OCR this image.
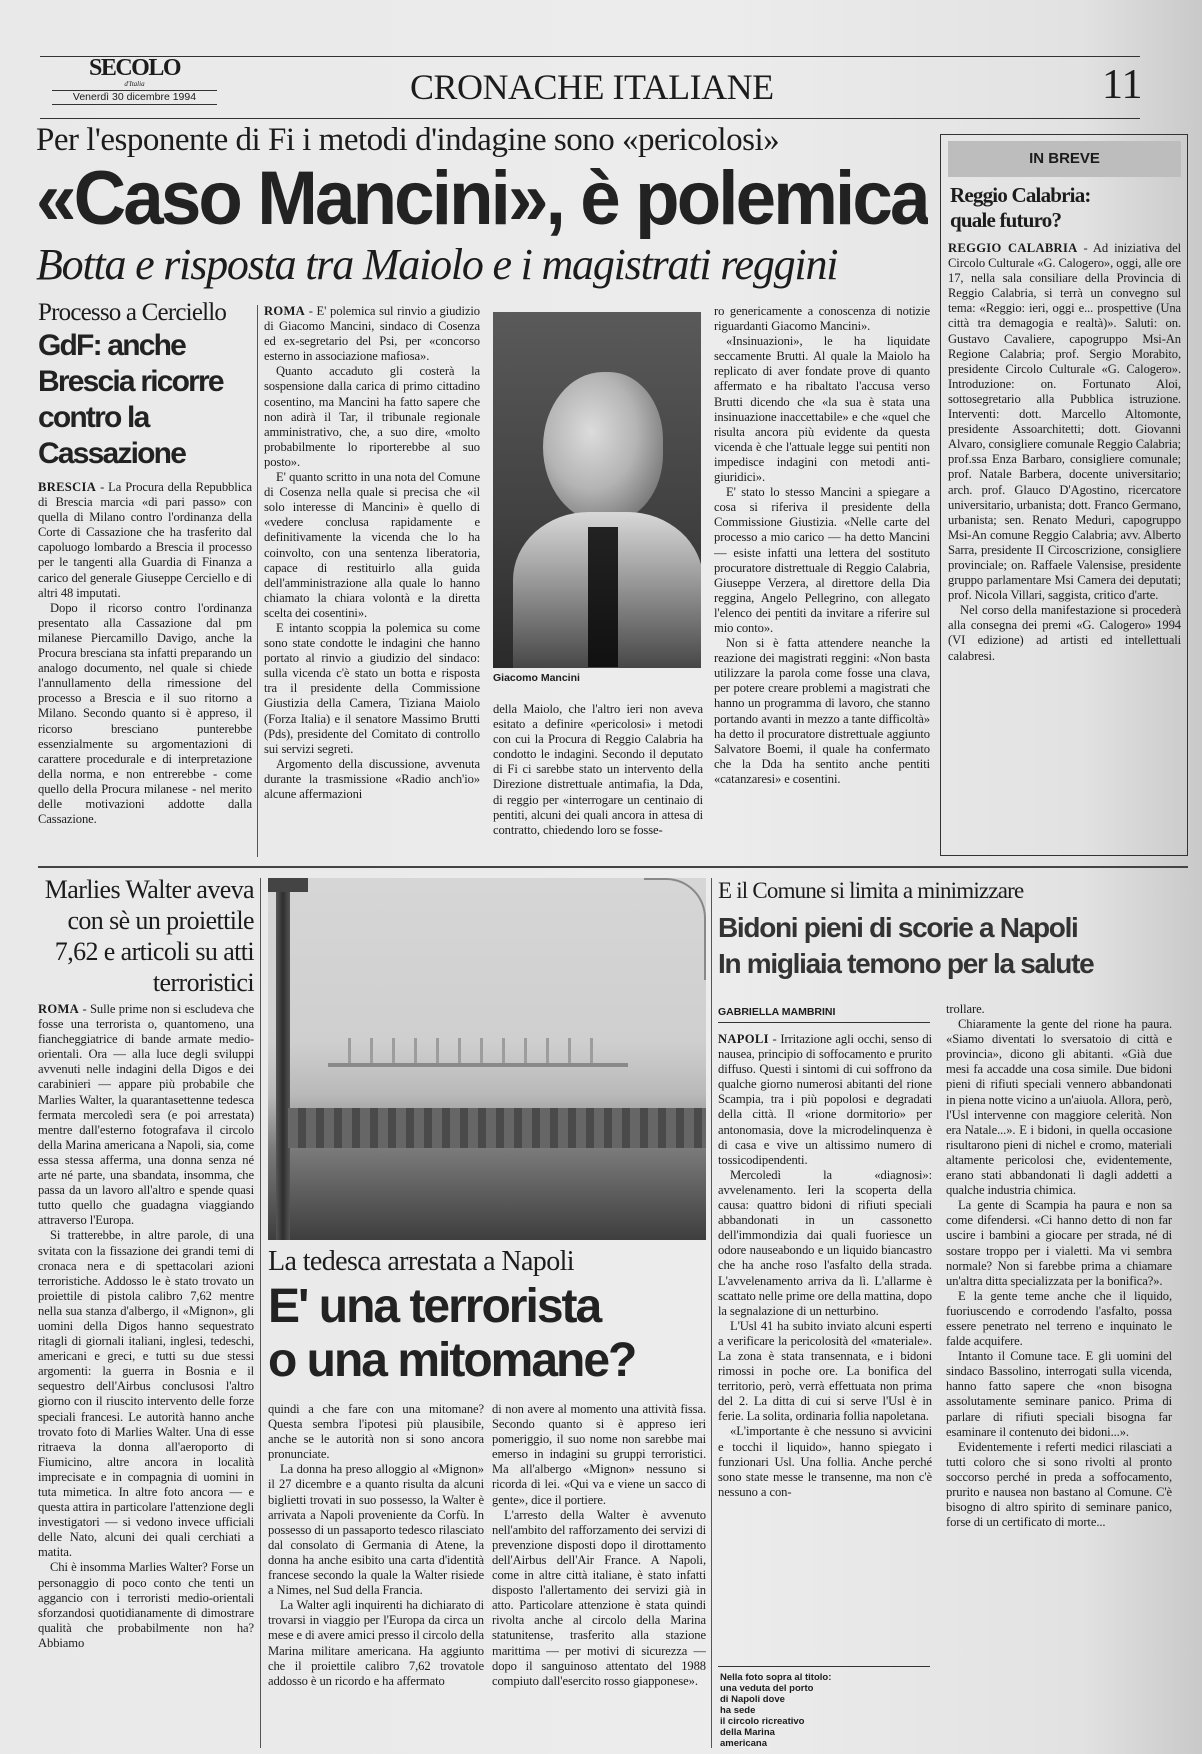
SECOLO
d'Italia
Venerdì 30 dicembre 1994	CRONACHE ITALIANE	11
Per l'esponente di Fi i metodi d'indagine sono «pericolosi»
«Caso Mancini», è polemica
Botta e risposta tra Maiolo e i magistrati reggini
Processo a Cerciello
GdF: anche Brescia ricorre contro la Cassazione

BRESCIA - La Procura della Repubblica di Brescia marcia «di pari passo» con quella di Milano contro l'ordinanza della Corte di Cassazione che ha trasferito dal capoluogo lombardo a Brescia il processo per le tangenti alla Guardia di Finanza a carico del generale Giuseppe Cerciello e di altri 48 imputati.

Dopo il ricorso contro l'ordinanza presentato alla Cassazione dal pm milanese Piercamillo Davigo, anche la Procura bresciana sta infatti preparando un analogo documento, nel quale si chiede l'annullamento della rimessione del processo a Brescia e il suo ritorno a Milano. Secondo quanto si è appreso, il ricorso bresciano punterebbe essenzialmente su argomentazioni di carattere procedurale e di interpretazione della norma, e non entrerebbe - come quello della Procura milanese - nel merito delle motivazioni addotte dalla Cassazione.

ROMA - E' polemica sul rinvio a giudizio di Giacomo Mancini, sindaco di Cosenza ed ex-segretario del Psi, per «concorso esterno in associazione mafiosa».

Quanto accaduto gli costerà la sospensione dalla carica di primo cittadino cosentino, ma Mancini ha fatto sapere che non adirà il Tar, il tribunale regionale amministrativo, che, a suo dire, «molto probabilmente lo riporterebbe al suo posto».

E' quanto scritto in una nota del Comune di Cosenza nella quale si precisa che «il solo interesse di Mancini» è quello di «vedere conclusa rapidamente e definitivamente la vicenda che lo ha coinvolto, con una sentenza liberatoria, capace di restituirlo alla guida dell'amministrazione alla quale lo hanno chiamato la chiara volontà e la diretta scelta dei cosentini».

E intanto scoppia la polemica su come sono state condotte le indagini che hanno portato al rinvio a giudizio del sindaco: sulla vicenda c'è stato un botta e risposta tra il presidente della Commissione Giustizia della Camera, Tiziana Maiolo (Forza Italia) e il senatore Massimo Brutti (Pds), presidente del Comitato di controllo sui servizi segreti.

Argomento della discussione, avvenuta durante la trasmissione «Radio anch'io» alcune affermazioni

Giacomo Mancini

della Maiolo, che l'altro ieri non aveva esitato a definire «pericolosi» i metodi con cui la Procura di Reggio Calabria ha condotto le indagini. Secondo il deputato di Fi ci sarebbe stato un intervento della Direzione distrettuale antimafia, la Dda, di reggio per «interrogare un centinaio di pentiti, alcuni dei quali ancora in attesa di contratto, chiedendo loro se fosse-

ro genericamente a conoscenza di notizie riguardanti Giacomo Mancini».

«Insinuazioni», le ha liquidate seccamente Brutti. Al quale la Maiolo ha replicato di aver fondate prove di quanto affermato e ha ribaltato l'accusa verso Brutti dicendo che «la sua è stata una insinuazione inaccettabile» e che «quel che risulta ancora più evidente da questa vicenda è che l'attuale legge sui pentiti non impedisce indagini con metodi anti-giuridici».

E' stato lo stesso Mancini a spiegare a cosa si riferiva il presidente della Commissione Giustizia. «Nelle carte del processo a mio carico — ha detto Mancini — esiste infatti una lettera del sostituto procuratore distrettuale di Reggio Calabria, Giuseppe Verzera, al direttore della Dia reggina, Angelo Pellegrino, con allegato l'elenco dei pentiti da invitare a riferire sul mio conto».

Non si è fatta attendere neanche la reazione dei magistrati reggini: «Non basta utilizzare la parola come fosse una clava, per potere creare problemi a magistrati che hanno un programma di lavoro, che stanno portando avanti in mezzo a tante difficoltà» ha detto il procuratore distrettuale aggiunto Salvatore Boemi, il quale ha confermato che la Dda ha sentito anche pentiti «catanzaresi» e cosentini.

IN BREVE
Reggio Calabria: quale futuro?

REGGIO CALABRIA - Ad iniziativa del Circolo Culturale «G. Calogero», oggi, alle ore 17, nella sala consiliare della Provincia di Reggio Calabria, si terrà un convegno sul tema: «Reggio: ieri, oggi e... prospettive (Una città tra demagogia e realtà)». Saluti: on. Gustavo Cavaliere, capogruppo Msi-An Regione Calabria; prof. Sergio Morabito, presidente Circolo Culturale «G. Calogero». Introduzione: on. Fortunato Aloi, sottosegretario alla Pubblica istruzione. Interventi: dott. Marcello Altomonte, presidente Assoarchitetti; dott. Giovanni Alvaro, consigliere comunale Reggio Calabria; prof.ssa Enza Barbaro, consigliere comunale; prof. Natale Barbera, docente universitario; arch. prof. Glauco D'Agostino, ricercatore universitario, urbanista; dott. Franco Germano, urbanista; sen. Renato Meduri, capogruppo Msi-An comune Reggio Calabria; avv. Alberto Sarra, presidente II Circoscrizione, consigliere provinciale; on. Raffaele Valensise, presidente gruppo parlamentare Msi Camera dei deputati; prof. Nicola Villari, saggista, critico d'arte.

Nel corso della manifestazione si procederà alla consegna dei premi «G. Calogero» 1994 (VI edizione) ad artisti ed intellettuali calabresi.

Marlies Walter aveva con sè un proiettile 7,62 e articoli su atti terroristici

ROMA - Sulle prime non si escludeva che fosse una terrorista o, quantomeno, una fiancheggiatrice di bande armate medio-orientali. Ora — alla luce degli sviluppi avvenuti nelle indagini della Digos e dei carabinieri — appare più probabile che Marlies Walter, la quarantasettenne tedesca fermata mercoledì sera (e poi arrestata) mentre dall'esterno fotografava il circolo della Marina americana a Napoli, sia, come essa stessa afferma, una donna senza né arte né parte, una sbandata, insomma, che passa da un lavoro all'altro e spende quasi tutto quello che guadagna viaggiando attraverso l'Europa.

Si tratterebbe, in altre parole, di una svitata con la fissazione dei grandi temi di cronaca nera e di spettacolari azioni terroristiche. Addosso le è stato trovato un proiettile di pistola calibro 7,62 mentre nella sua stanza d'albergo, il «Mignon», gli uomini della Digos hanno sequestrato ritagli di giornali italiani, inglesi, tedeschi, americani e greci, e tutti su due stessi argomenti: la guerra in Bosnia e il sequestro dell'Airbus conclusosi l'altro giorno con il riuscito intervento delle forze speciali francesi. Le autorità hanno anche trovato foto di Marlies Walter. Una di esse ritraeva la donna all'aeroporto di Fiumicino, altre ancora in località imprecisate e in compagnia di uomini in tuta mimetica. In altre foto ancora — e questa attira in particolare l'attenzione degli investigatori — si vedono invece ufficiali delle Nato, alcuni dei quali cerchiati a matita.

Chi è insomma Marlies Walter? Forse un personaggio di poco conto che tenti un aggancio con i terroristi medio-orientali sforzandosi quotidianamente di dimostrare qualità che probabilmente non ha? Abbiamo

La tedesca arrestata a Napoli
E' una terrorista
o una mitomane?

quindi a che fare con una mitomane? Questa sembra l'ipotesi più plausibile, anche se le autorità non si sono ancora pronunciate.

La donna ha preso alloggio al «Mignon» il 27 dicembre e a quanto risulta da alcuni biglietti trovati in suo possesso, la Walter è arrivata a Napoli proveniente da Corfù. In possesso di un passaporto tedesco rilasciato dal consolato di Germania di Atene, la donna ha anche esibito una carta d'identità francese secondo la quale la Walter risiede a Nimes, nel Sud della Francia.

La Walter agli inquirenti ha dichiarato di trovarsi in viaggio per l'Europa da circa un mese e di avere amici presso il circolo della Marina militare americana. Ha aggiunto che il proiettile calibro 7,62 trovatole addosso è un ricordo e ha affermato

di non avere al momento una attività fissa. Secondo quanto si è appreso ieri pomeriggio, il suo nome non sarebbe mai emerso in indagini su gruppi terroristici. Ma all'albergo «Mignon» nessuno si ricorda di lei. «Qui va e viene un sacco di gente», dice il portiere.

L'arresto della Walter è avvenuto nell'ambito del rafforzamento dei servizi di prevenzione disposti dopo il dirottamento dell'Airbus dell'Air France. A Napoli, come in altre città italiane, è stato infatti disposto l'allertamento dei servizi già in atto. Particolare attenzione è stata quindi rivolta anche al circolo della Marina statunitense, trasferito alla stazione marittima — per motivi di sicurezza — dopo il sanguinoso attentato del 1988 compiuto dall'esercito rosso giapponese».

E il Comune si limita a minimizzare
Bidoni pieni di scorie a Napoli
In migliaia temono per la salute
GABRIELLA MAMBRINI

NAPOLI - Irritazione agli occhi, senso di nausea, principio di soffocamento e prurito diffuso. Questi i sintomi di cui soffrono da qualche giorno numerosi abitanti del rione Scampia, tra i più popolosi e degradati della città. Il «rione dormitorio» per antonomasia, dove la microdelinquenza è di casa e vive un altissimo numero di tossicodipendenti.

Mercoledì la «diagnosi»: avvelenamento. Ieri la scoperta della causa: quattro bidoni di rifiuti speciali abbandonati in un cassonetto dell'immondizia dai quali fuoriesce un odore nauseabondo e un liquido biancastro che ha anche roso l'asfalto della strada. L'avvelenamento arriva da lì. L'allarme è scattato nelle prime ore della mattina, dopo la segnalazione di un netturbino.

L'Usl 41 ha subito inviato alcuni esperti a verificare la pericolosità del «materiale». La zona è stata transennata, e i bidoni rimossi in poche ore. La bonifica del territorio, però, verrà effettuata non prima del 2. La ditta di cui si serve l'Usl è in ferie. La solita, ordinaria follia napoletana.

«L'importante è che nessuno si avvicini e tocchi il liquido», hanno spiegato i funzionari Usl. Una follia. Anche perché sono state messe le transenne, ma non c'è nessuno a con-

Nella foto sopra al titolo:
una veduta del porto
di Napoli dove
ha sede
il circolo ricreativo
della Marina
americana

trollare.

Chiaramente la gente del rione ha paura. «Siamo diventati lo sversatoio di città e provincia», dicono gli abitanti. «Già due mesi fa accadde una cosa simile. Due bidoni pieni di rifiuti speciali vennero abbandonati in piena notte vicino a un'aiuola. Allora, però, l'Usl intervenne con maggiore celerità. Non era Natale...». E i bidoni, in quella occasione risultarono pieni di nichel e cromo, materiali altamente pericolosi che, evidentemente, erano stati abbandonati lì dagli addetti a qualche industria chimica.

La gente di Scampia ha paura e non sa come difendersi. «Ci hanno detto di non far uscire i bambini a giocare per strada, né di sostare troppo per i vialetti. Ma vi sembra normale? Non si farebbe prima a chiamare un'altra ditta specializzata per la bonifica?».

E la gente teme anche che il liquido, fuoriuscendo e corrodendo l'asfalto, possa essere penetrato nel terreno e inquinato le falde acquifere.

Intanto il Comune tace. E gli uomini del sindaco Bassolino, interrogati sulla vicenda, hanno fatto sapere che «non bisogna assolutamente seminare panico. Prima di parlare di rifiuti speciali bisogna far esaminare il contenuto dei bidoni...».

Evidentemente i referti medici rilasciati a tutti coloro che si sono rivolti al pronto soccorso perché in preda a soffocamento, prurito e nausea non bastano al Comune. C'è bisogno di altro spirito di seminare panico, forse di un certificato di morte...
